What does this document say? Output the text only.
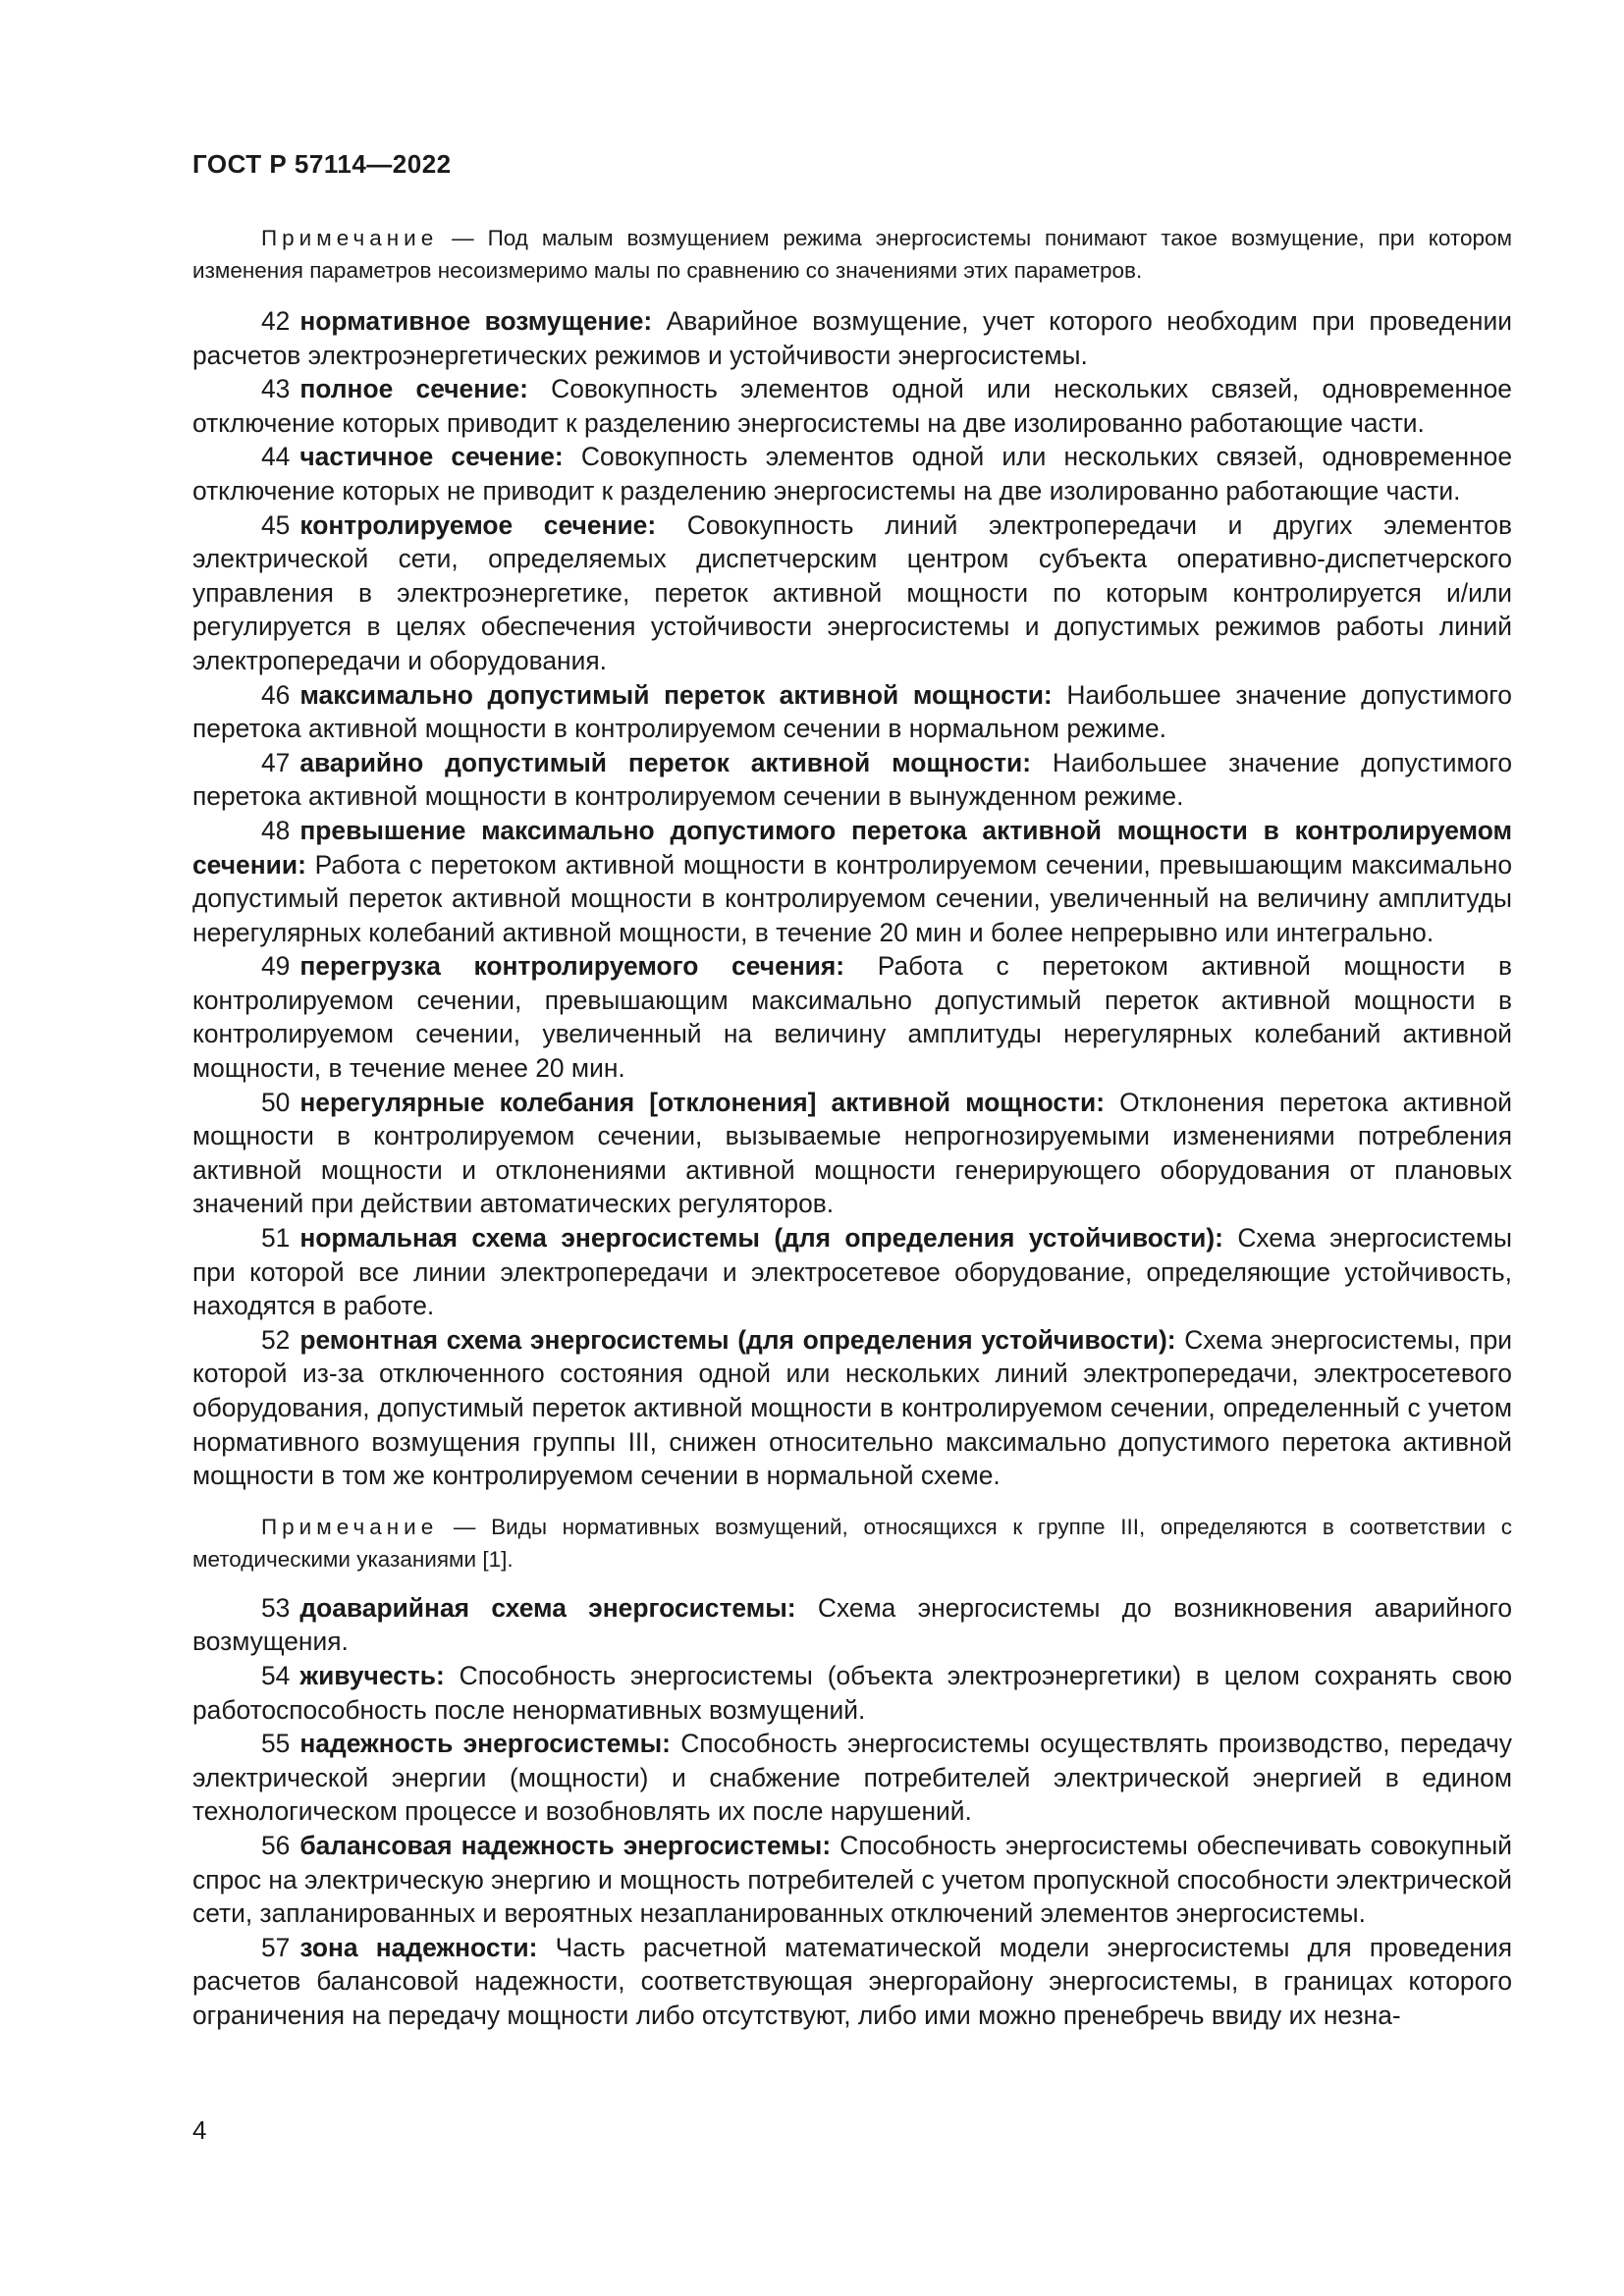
ГОСТ Р 57114—2022

Примечание — Под малым возмущением режима энергосистемы понимают такое возмущение, при котором изменения параметров несоизмеримо малы по сравнению со значениями этих параметров.

42 нормативное возмущение: Аварийное возмущение, учет которого необходим при проведении расчетов электроэнергетических режимов и устойчивости энергосистемы.

43 полное сечение: Совокупность элементов одной или нескольких связей, одновременное отключение которых приводит к разделению энергосистемы на две изолированно работающие части.

44 частичное сечение: Совокупность элементов одной или нескольких связей, одновременное отключение которых не приводит к разделению энергосистемы на две изолированно работающие части.

45 контролируемое сечение: Совокупность линий электропередачи и других элементов электрической сети, определяемых диспетчерским центром субъекта оперативно-диспетчерского управления в электроэнергетике, переток активной мощности по которым контролируется и/или регулируется в целях обеспечения устойчивости энергосистемы и допустимых режимов работы линий электропередачи и оборудования.

46 максимально допустимый переток активной мощности: Наибольшее значение допустимого перетока активной мощности в контролируемом сечении в нормальном режиме.

47 аварийно допустимый переток активной мощности: Наибольшее значение допустимого перетока активной мощности в контролируемом сечении в вынужденном режиме.

48 превышение максимально допустимого перетока активной мощности в контролируемом сечении: Работа с перетоком активной мощности в контролируемом сечении, превышающим максимально допустимый переток активной мощности в контролируемом сечении, увеличенный на величину амплитуды нерегулярных колебаний активной мощности, в течение 20 мин и более непрерывно или интегрально.

49 перегрузка контролируемого сечения: Работа с перетоком активной мощности в контролируемом сечении, превышающим максимально допустимый переток активной мощности в контролируемом сечении, увеличенный на величину амплитуды нерегулярных колебаний активной мощности, в течение менее 20 мин.

50 нерегулярные колебания [отклонения] активной мощности: Отклонения перетока активной мощности в контролируемом сечении, вызываемые непрогнозируемыми изменениями потребления активной мощности и отклонениями активной мощности генерирующего оборудования от плановых значений при действии автоматических регуляторов.

51 нормальная схема энергосистемы (для определения устойчивости): Схема энергосистемы при которой все линии электропередачи и электросетевое оборудование, определяющие устойчивость, находятся в работе.

52 ремонтная схема энергосистемы (для определения устойчивости): Схема энергосистемы, при которой из-за отключенного состояния одной или нескольких линий электропередачи, электросетевого оборудования, допустимый переток активной мощности в контролируемом сечении, определенный с учетом нормативного возмущения группы III, снижен относительно максимально допустимого перетока активной мощности в том же контролируемом сечении в нормальной схеме.

Примечание — Виды нормативных возмущений, относящихся к группе III, определяются в соответствии с методическими указаниями [1].

53 доаварийная схема энергосистемы: Схема энергосистемы до возникновения аварийного возмущения.

54 живучесть: Способность энергосистемы (объекта электроэнергетики) в целом сохранять свою работоспособность после ненормативных возмущений.

55 надежность энергосистемы: Способность энергосистемы осуществлять производство, передачу электрической энергии (мощности) и снабжение потребителей электрической энергией в едином технологическом процессе и возобновлять их после нарушений.

56 балансовая надежность энергосистемы: Способность энергосистемы обеспечивать совокупный спрос на электрическую энергию и мощность потребителей с учетом пропускной способности электрической сети, запланированных и вероятных незапланированных отключений элементов энергосистемы.

57 зона надежности: Часть расчетной математической модели энергосистемы для проведения расчетов балансовой надежности, соответствующая энергорайону энергосистемы, в границах которого ограничения на передачу мощности либо отсутствуют, либо ими можно пренебречь ввиду их незна-

4
